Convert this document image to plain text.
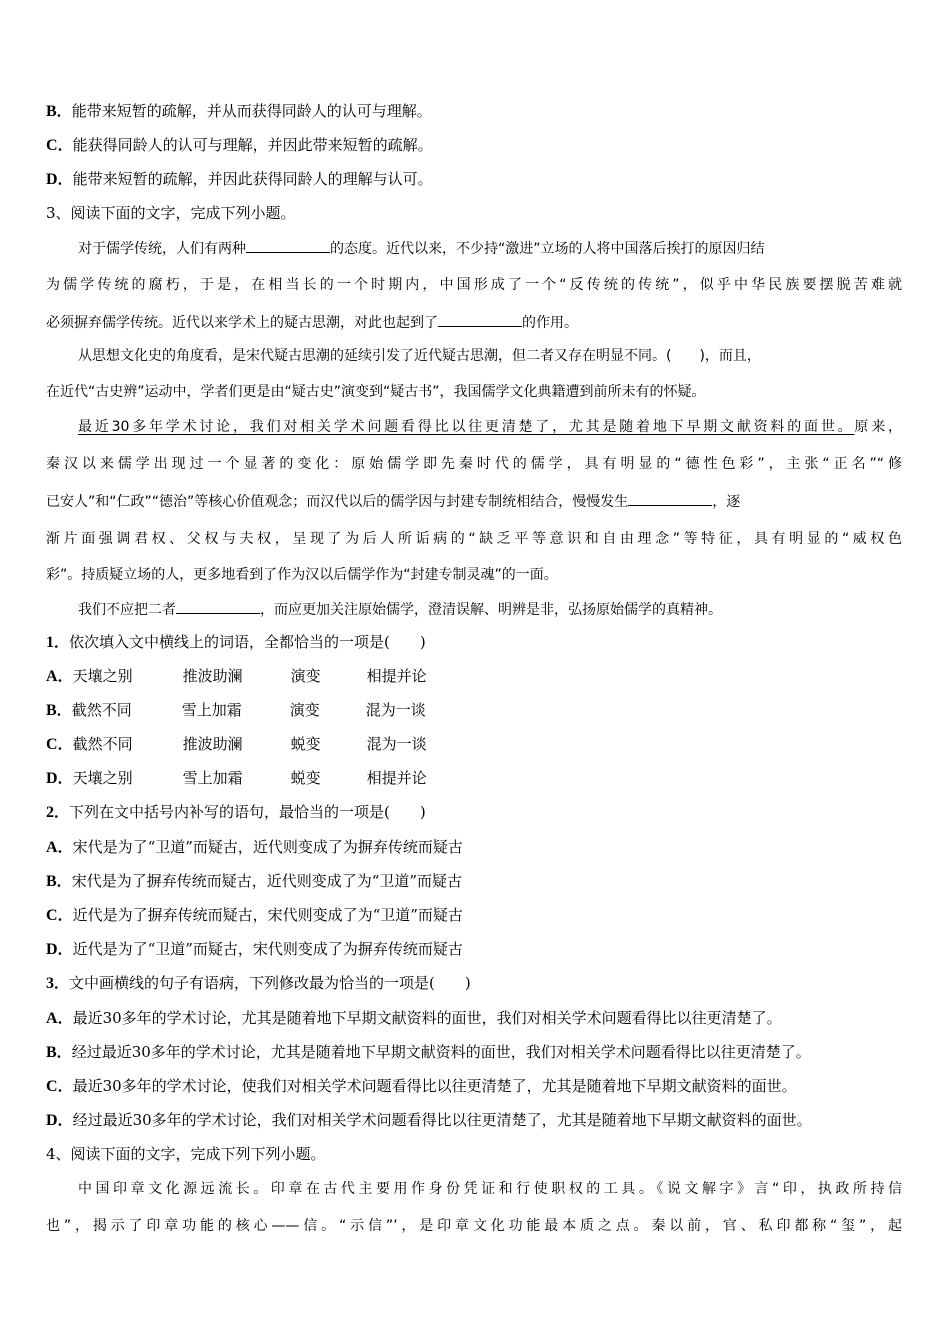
B．能带来短暂的疏解，并从而获得同龄人的认可与理解。
C．能获得同龄人的认可与理解，并因此带来短暂的疏解。
D．能带来短暂的疏解，并因此获得同龄人的理解与认可。
3、阅读下面的文字，完成下列小题。
对于儒学传统，人们有两种	的态度。近代以来，不少持“激进”立场的人将中国落后挨打的原因归结
为儒学传统的腐朽，于是，在相当长的一个时期内，中国形成了一个“反传统的传统”，似乎中华民族要摆脱苦难就
必须摒弃儒学传统。近代以来学术上的疑古思潮，对此也起到了	的作用。
从思想文化史的角度看，是宋代疑古思潮的延续引发了近代疑古思潮，但二者又存在明显不同。(　　)，而且，
在近代“古史辨”运动中，学者们更是由“疑古史”演变到“疑古书”，我国儒学文化典籍遭到前所未有的怀疑。
最近30多年学术讨论，我们对相关学术问题看得比以往更清楚了，尤其是随着地下早期文献资料的面世。原来，
秦汉以来儒学出现过一个显著的变化：原始儒学即先秦时代的儒学，具有明显的“德性色彩”，主张“正名”“修
已安人”和“仁政”“德治”等核心价值观念；而汉代以后的儒学因与封建专制统相结合，慢慢发生	，逐
渐片面强调君权、父权与夫权，呈现了为后人所诟病的“缺乏平等意识和自由理念”等特征，具有明显的“威权色
彩”。持质疑立场的人，更多地看到了作为汉以后儒学作为“封建专制灵魂”的一面。
我们不应把二者	，而应更加关注原始儒学，澄清误解、明辨是非，弘扬原始儒学的真精神。
1．依次填入文中横线上的词语，全都恰当的一项是(　　)
A．天壤之别	推波助澜	演变	相提并论
B．截然不同	雪上加霜	演变	混为一谈
C．截然不同	推波助澜	蜕变	混为一谈
D．天壤之别	雪上加霜	蜕变	相提并论
2．下列在文中括号内补写的语句，最恰当的一项是(　　)
A．宋代是为了“卫道”而疑古，近代则变成了为摒弃传统而疑古
B．宋代是为了摒弃传统而疑古，近代则变成了为“卫道”而疑古
C．近代是为了摒弃传统而疑古，宋代则变成了为“卫道”而疑古
D．近代是为了“卫道”而疑古，宋代则变成了为摒弃传统而疑古
3．文中画横线的句子有语病，下列修改最为恰当的一项是(　　)
A．最近30多年的学术讨论，尤其是随着地下早期文献资料的面世，我们对相关学术问题看得比以往更清楚了。
B．经过最近30多年的学术讨论，尤其是随着地下早期文献资料的面世，我们对相关学术问题看得比以往更清楚了。
C．最近30多年的学术讨论，使我们对相关学术问题看得比以往更清楚了，尤其是随着地下早期文献资料的面世。
D．经过最近30多年的学术讨论，我们对相关学术问题看得比以往更清楚了，尤其是随着地下早期文献资料的面世。
4、阅读下面的文字，完成下列下列小题。
中国印章文化源远流长。印章在古代主要用作身份凭证和行使职权的工具。《说文解字》言“印，执政所持信
也”，揭示了印章功能的核心——信。“示信”’，是印章文化功能最本质之点。秦以前，官、私印都称“玺”，起
